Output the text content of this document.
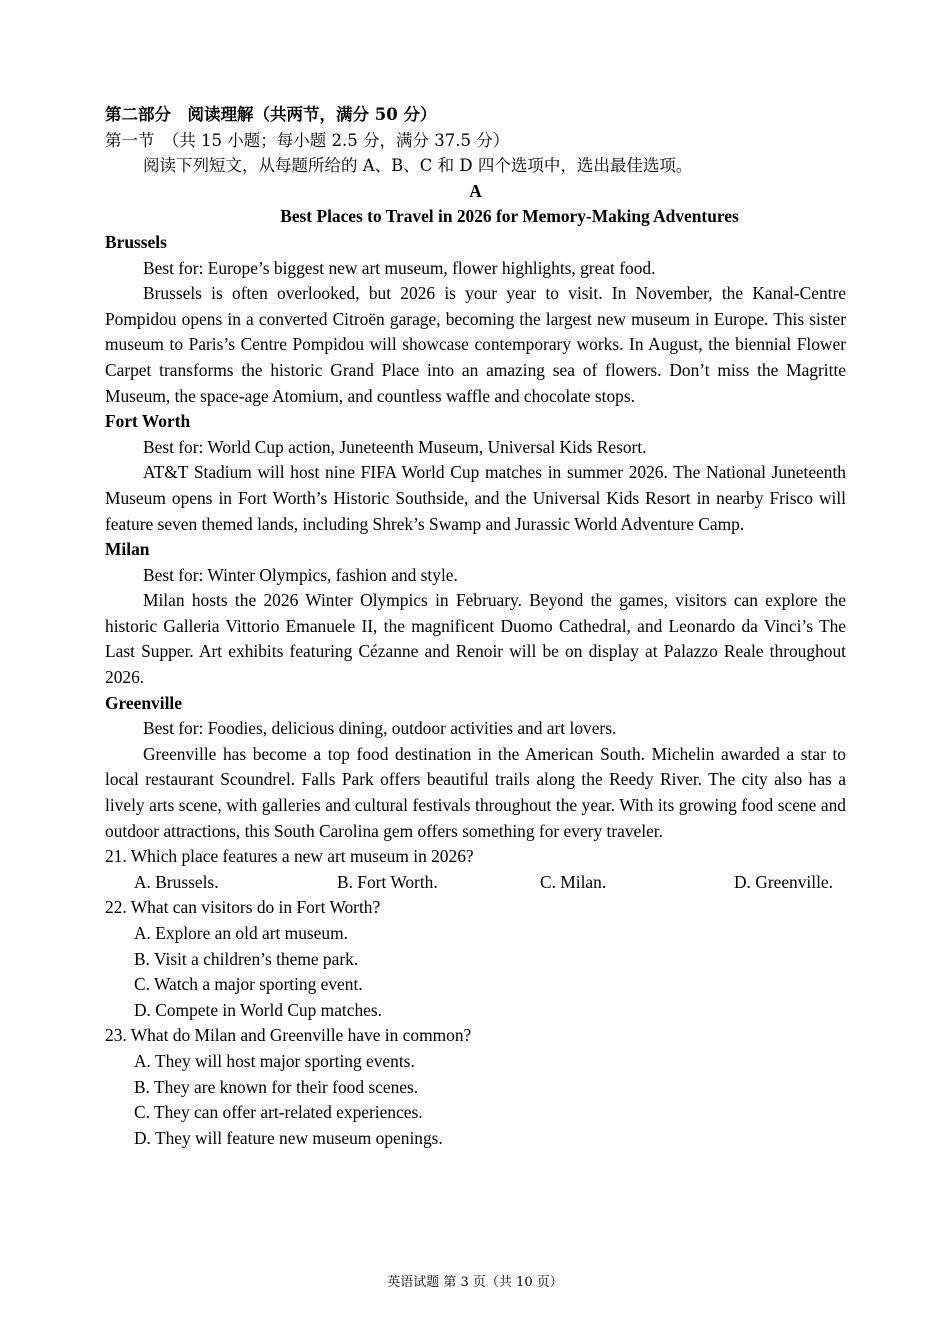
第二部分　阅读理解（共两节，满分 50 分）
第一节　（共 15 小题；每小题 2.5 分，满分 37.5 分）
阅读下列短文，从每题所给的 A、B、C 和 D 四个选项中，选出最佳选项。
A
Best Places to Travel in 2026 for Memory-Making Adventures
Brussels
Best for: Europe’s biggest new art museum, flower highlights, great food.
Brussels is often overlooked, but 2026 is your year to visit. In November, the Kanal-Centre Pompidou opens in a converted Citroën garage, becoming the largest new museum in Europe. This sister museum to Paris’s Centre Pompidou will showcase contemporary works. In August, the biennial Flower Carpet transforms the historic Grand Place into an amazing sea of flowers. Don’t miss the Magritte Museum, the space-age Atomium, and countless waffle and chocolate stops.
Fort Worth
Best for: World Cup action, Juneteenth Museum, Universal Kids Resort.
AT&T Stadium will host nine FIFA World Cup matches in summer 2026. The National Juneteenth Museum opens in Fort Worth’s Historic Southside, and the Universal Kids Resort in nearby Frisco will feature seven themed lands, including Shrek’s Swamp and Jurassic World Adventure Camp.
Milan
Best for: Winter Olympics, fashion and style.
Milan hosts the 2026 Winter Olympics in February. Beyond the games, visitors can explore the historic Galleria Vittorio Emanuele II, the magnificent Duomo Cathedral, and Leonardo da Vinci’s The Last Supper. Art exhibits featuring Cézanne and Renoir will be on display at Palazzo Reale throughout 2026.
Greenville
Best for: Foodies, delicious dining, outdoor activities and art lovers.
Greenville has become a top food destination in the American South. Michelin awarded a star to local restaurant Scoundrel. Falls Park offers beautiful trails along the Reedy River. The city also has a lively arts scene, with galleries and cultural festivals throughout the year. With its growing food scene and outdoor attractions, this South Carolina gem offers something for every traveler.
21. Which place features a new art museum in 2026?
A. Brussels.	B. Fort Worth.	C. Milan.	D. Greenville.
22. What can visitors do in Fort Worth?
A. Explore an old art museum.
B. Visit a children’s theme park.
C. Watch a major sporting event.
D. Compete in World Cup matches.
23. What do Milan and Greenville have in common?
A. They will host major sporting events.
B. They are known for their food scenes.
C. They can offer art-related experiences.
D. They will feature new museum openings.
英语试题 第 3 页（共 10 页）
